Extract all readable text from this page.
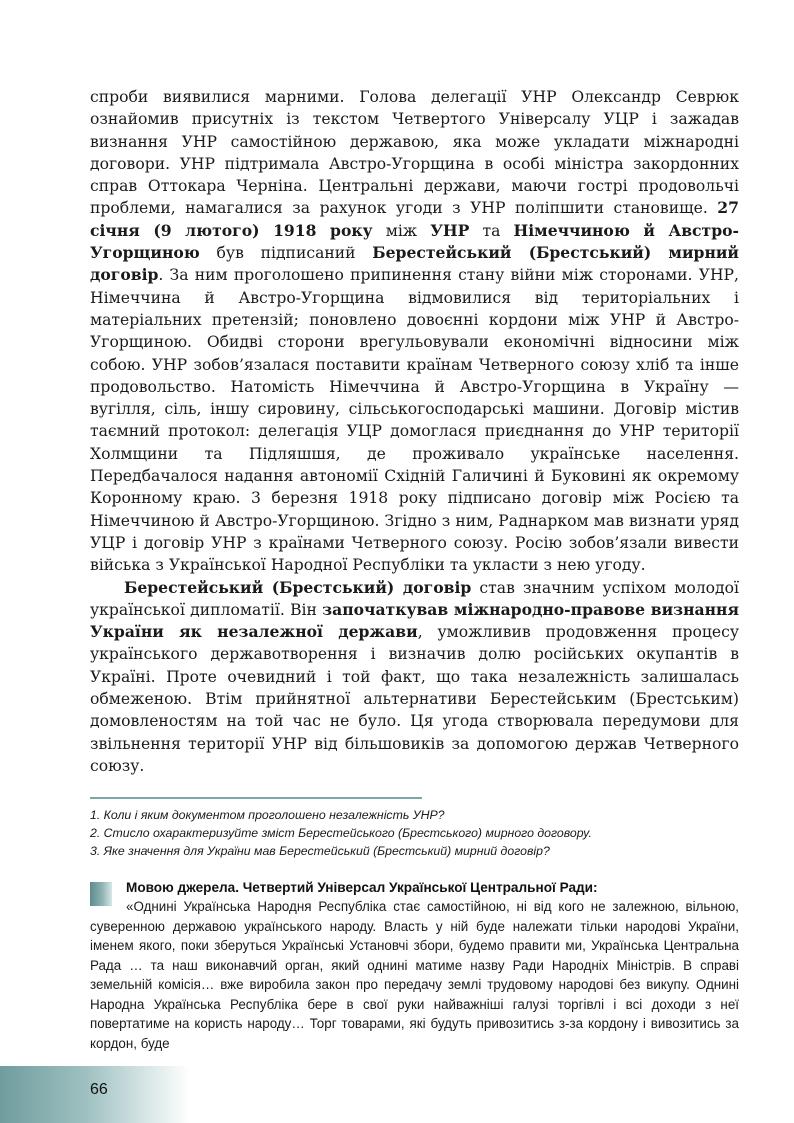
спроби виявилися марними. Голова делегації УНР Олександр Севрюк ознайомив присутніх із текстом Четвертого Універсалу УЦР і зажадав визнання УНР самостійною державою, яка може укладати міжнародні договори. УНР підтримала Австро-Угорщина в особі міністра закордонних справ Оттокара Черніна. Центральні держави, маючи гострі продовольчі проблеми, намагалися за рахунок угоди з УНР поліпшити становище. 27 січня (9 лютого) 1918 року між УНР та Німеччиною й Австро-Угорщиною був підписаний Берестейський (Брестський) мирний договір. За ним проголошено припинення стану війни між сторонами. УНР, Німеччина й Австро-Угорщина відмовилися від територіальних і матеріальних претензій; поновлено довоєнні кордони між УНР й Австро-Угорщиною. Обидві сторони врегульовували економічні відносини між собою. УНР зобов’язалася поставити країнам Четверного союзу хліб та інше продовольство. Натомість Німеччина й Австро-Угорщина в Україну — вугілля, сіль, іншу сировину, сільськогосподарські машини. Договір містив таємний протокол: делегація УЦР домоглася приєднання до УНР території Холмщини та Підляшшя, де проживало українське населення. Передбачалося надання автономії Східній Галичині й Буковині як окремому Коронному краю. 3 березня 1918 року підписано договір між Росією та Німеччиною й Австро-Угорщиною. Згідно з ним, Раднарком мав визнати уряд УЦР і договір УНР з країнами Четверного союзу. Росію зобов’язали вивести війська з Української Народної Республіки та укласти з нею угоду.

Берестейський (Брестський) договір став значним успіхом молодої української дипломатії. Він започаткував міжнародно-правове визнання України як незалежної держави, уможливив продовження процесу українського державотворення і визначив долю російських окупантів в Україні. Проте очевидний і той факт, що така незалежність залишалась обмеженою. Втім прийнятної альтернативи Берестейським (Брестським) домовленостям на той час не було. Ця угода створювала передумови для звільнення території УНР від більшовиків за допомогою держав Четверного союзу.

1. Коли і яким документом проголошено незалежність УНР?
2. Стисло охарактеризуйте зміст Берестейського (Брестського) мирного договору.
3. Яке значення для України мав Берестейський (Брестський) мирний договір?
Мовою джерела. Четвертий Універсал Української Центральної Ради:
«Однині Українська Народня Республіка стає самостійною, ні від кого не залежною, вільною, суверенною державою українського народу. Власть у ній буде належати тільки народові України, іменем якого, поки зберуться Українські Установчі збори, будемо правити ми, Українська Центральна Рада … та наш виконавчий орган, який однині матиме назву Ради Народніх Міністрів. В справі земельній комісія… вже виробила закон про передачу землі трудовому народові без викупу. Однині Народна Українська Республіка бере в свої руки найважніші галузі торгівлі і всі доходи з неї повертатиме на користь народу… Торг товарами, які будуть привозитись з-за кордону і вивозитись за кордон, буде
66
